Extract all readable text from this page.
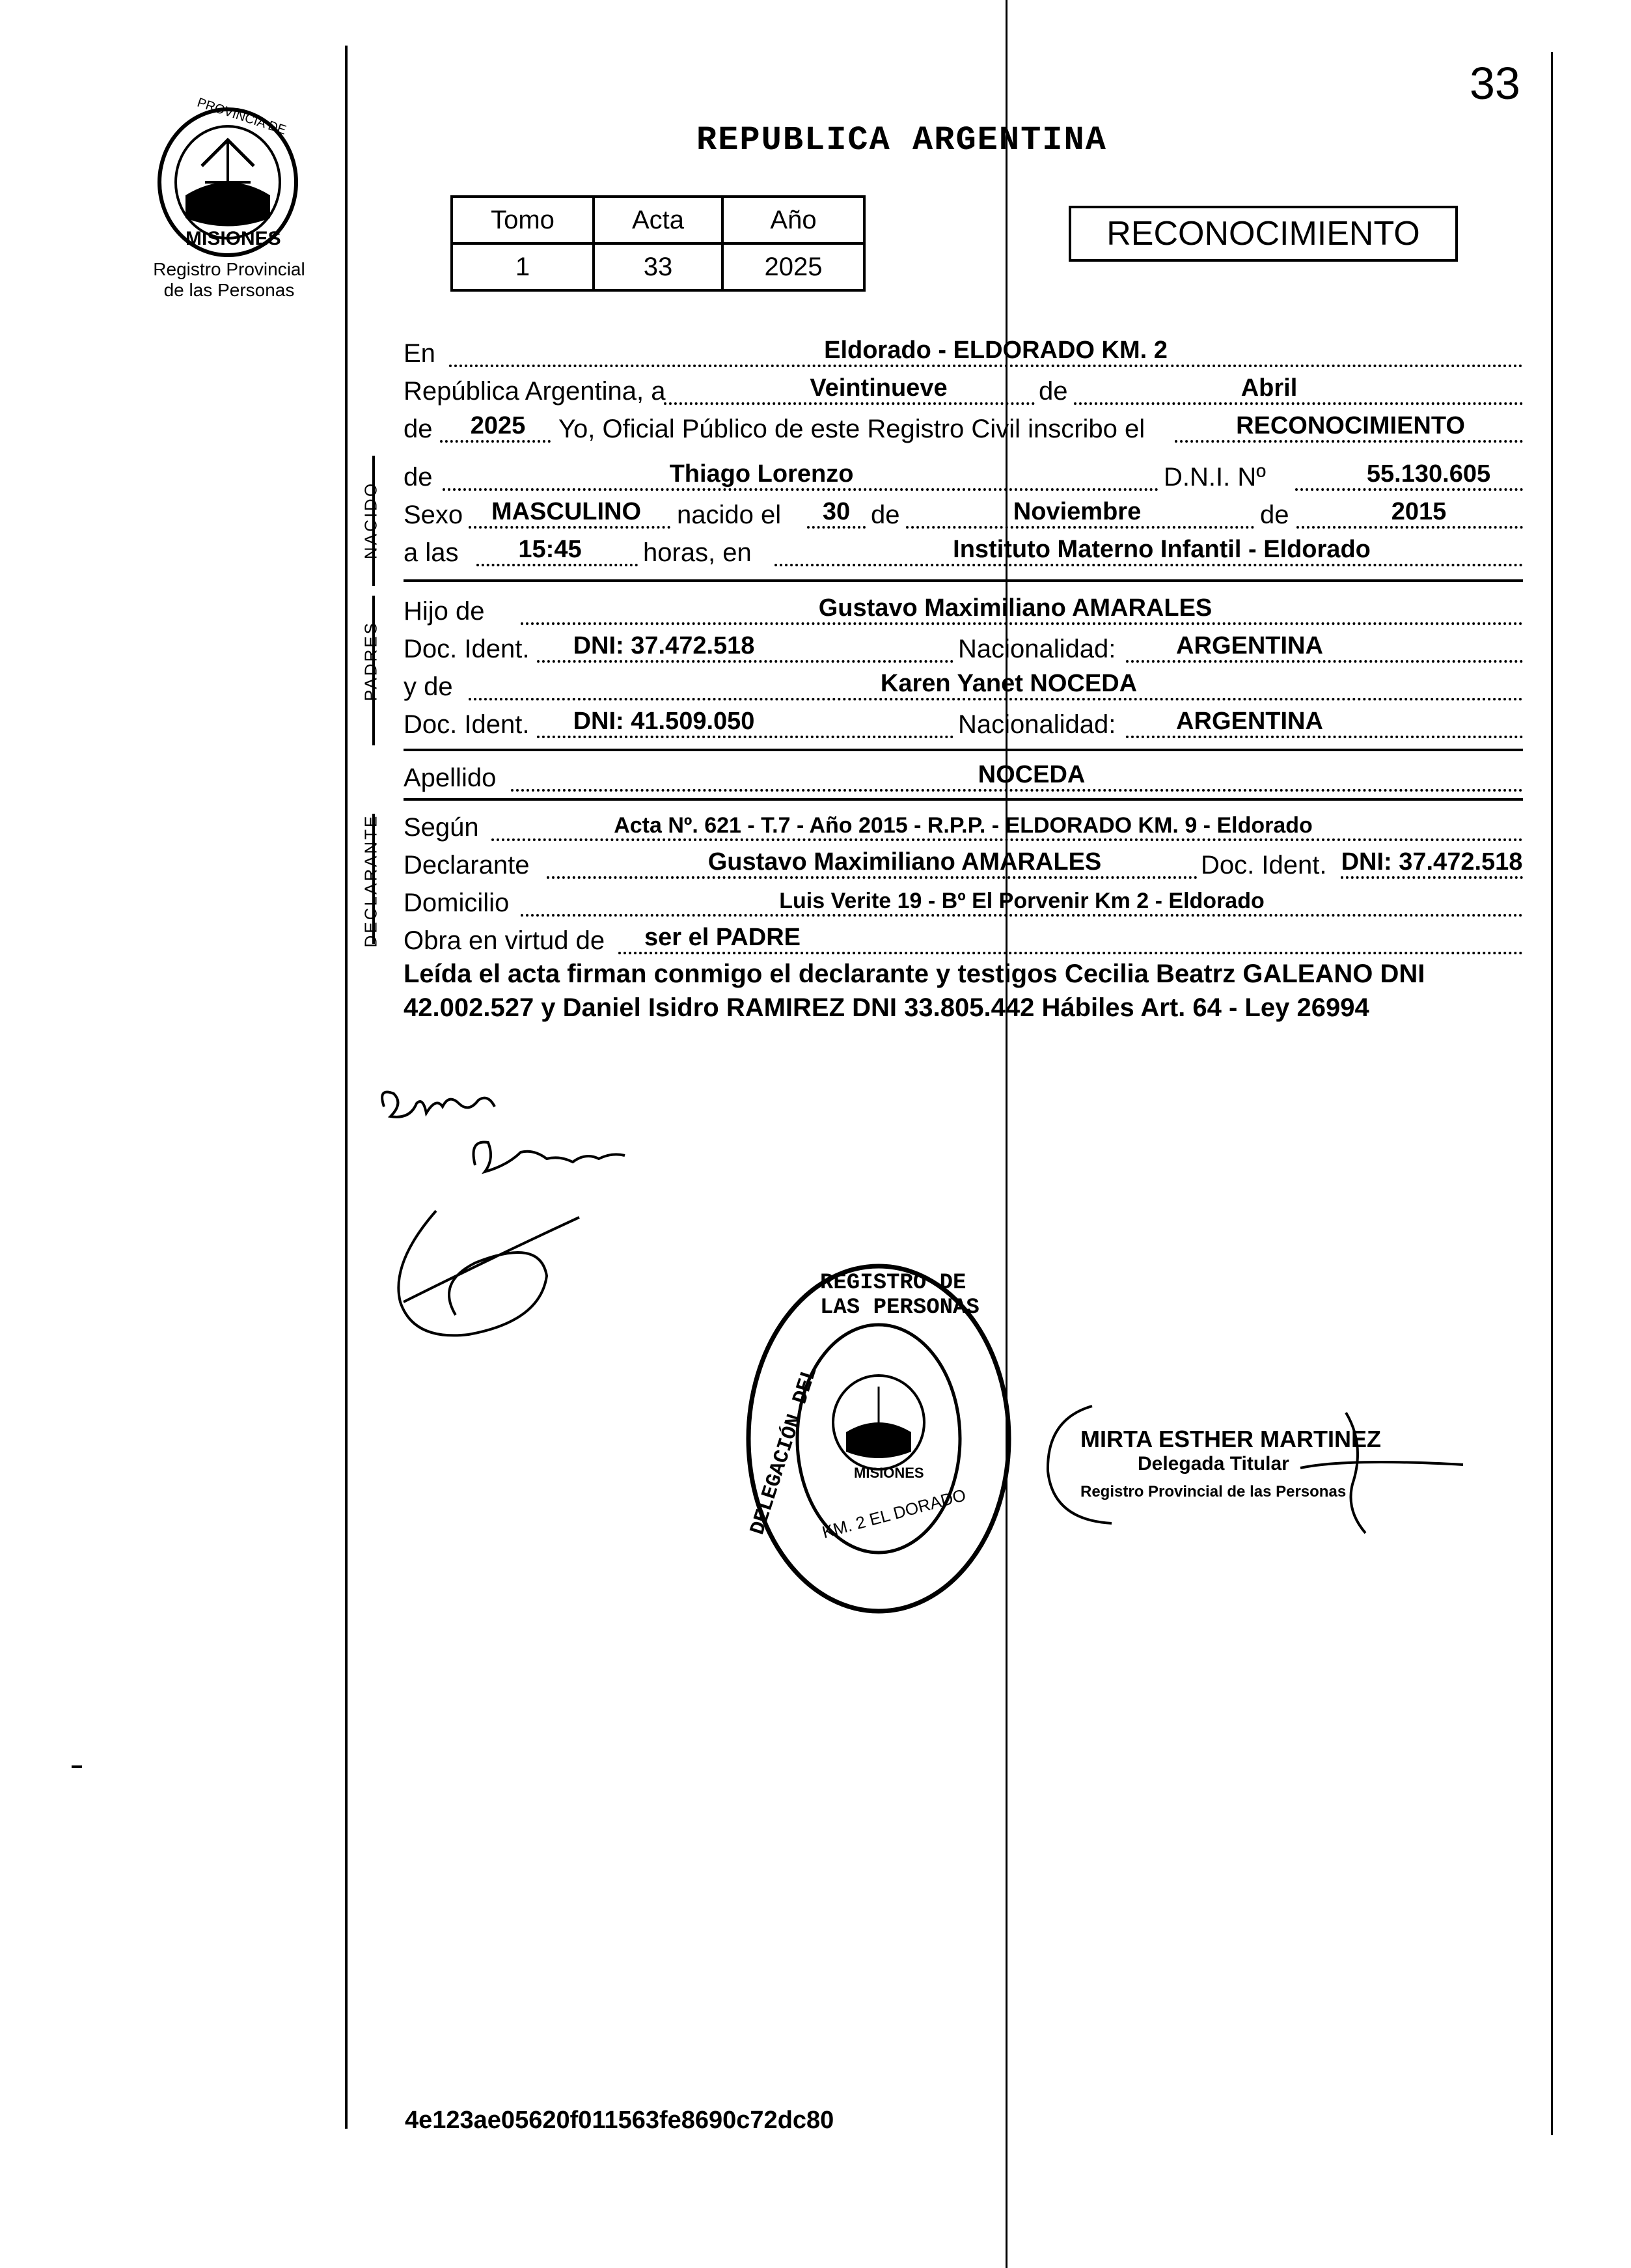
33
PROVINCIA DE
MISIONES
Registro Provincial
de las Personas
REPUBLICA ARGENTINA
Tomo	Acta	Año
1	33	2025
RECONOCIMIENTO
En	Eldorado - ELDORADO KM. 2
República Argentina, a	Veintinueve	de	Abril
de 2025 Yo, Oficial Público de este Registro Civil inscribo el	RECONOCIMIENTO
NACIDO
de	Thiago Lorenzo	D.N.I. Nº	55.130.605
Sexo MASCULINO nacido el 30 de	Noviembre	de	2015
a las 15:45 horas, en	Instituto Materno Infantil - Eldorado
PADRES
Hijo de	Gustavo Maximiliano AMARALES
Doc. Ident. DNI: 37.472.518	Nacionalidad: ARGENTINA
y de	Karen Yanet NOCEDA
Doc. Ident. DNI: 41.509.050	Nacionalidad: ARGENTINA
Apellido	NOCEDA
DECLARANTE Según	Acta Nº. 621 - T.7 - Año 2015 - R.P.P. - ELDORADO KM. 9 - Eldorado
Declarante	Gustavo Maximiliano AMARALES	Doc. Ident. DNI: 37.472.518
Domicilio	Luis Verite 19 - Bº El Porvenir Km 2 - Eldorado
Obra en virtud de ser el PADRE
Leída el acta firman conmigo el declarante y testigos Cecilia Beatrz GALEANO DNI 42.002.527 y Daniel Isidro RAMIREZ DNI 33.805.442 Hábiles Art. 64 - Ley 26994
REGISTRO DE LAS PERSONAS
DELEGACIÓN DEL MISIONES
KM. 2 EL DORADO
MIRTA ESTHER MARTINEZ
Delegada Titular
Registro Provincial de las Personas
4e123ae05620f011563fe8690c72dc80
